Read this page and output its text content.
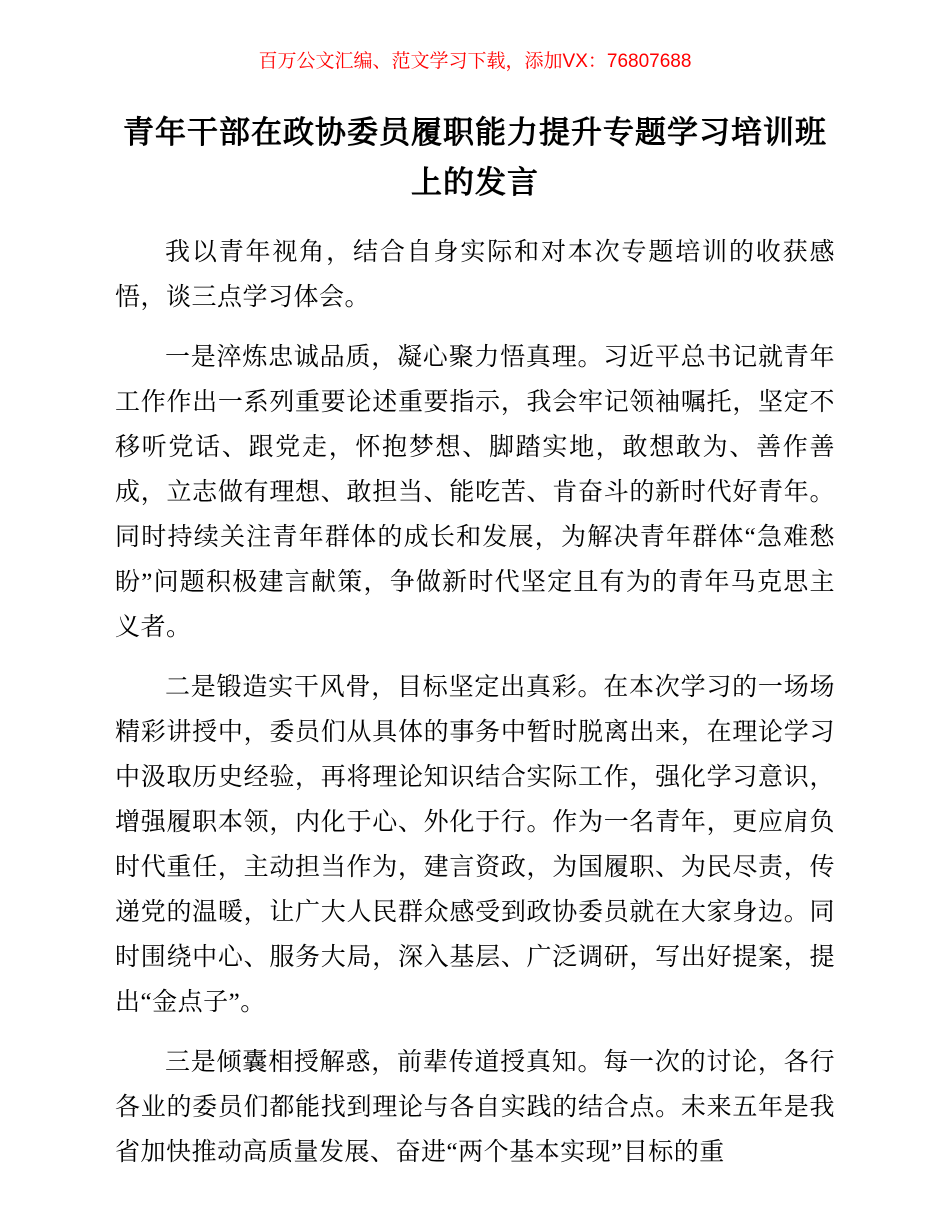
百万公文汇编、范文学习下载，添加VX：76807688
青年干部在政协委员履职能力提升专题学习培训班上的发言

我以青年视角，结合自身实际和对本次专题培训的收获感悟，谈三点学习体会。

一是淬炼忠诚品质，凝心聚力悟真理。习近平总书记就青年工作作出一系列重要论述重要指示，我会牢记领袖嘱托，坚定不移听党话、跟党走，怀抱梦想、脚踏实地，敢想敢为、善作善成，立志做有理想、敢担当、能吃苦、肯奋斗的新时代好青年。同时持续关注青年群体的成长和发展，为解决青年群体“急难愁盼”问题积极建言献策，争做新时代坚定且有为的青年马克思主义者。

二是锻造实干风骨，目标坚定出真彩。在本次学习的一场场精彩讲授中，委员们从具体的事务中暂时脱离出来，在理论学习中汲取历史经验，再将理论知识结合实际工作，强化学习意识，增强履职本领，内化于心、外化于行。作为一名青年，更应肩负时代重任，主动担当作为，建言资政，为国履职、为民尽责，传递党的温暖，让广大人民群众感受到政协委员就在大家身边。同时围绕中心、服务大局，深入基层、广泛调研，写出好提案，提出“金点子”。

三是倾囊相授解惑，前辈传道授真知。每一次的讨论，各行各业的委员们都能找到理论与各自实践的结合点。未来五年是我省加快推动高质量发展、奋进“两个基本实现”目标的重
